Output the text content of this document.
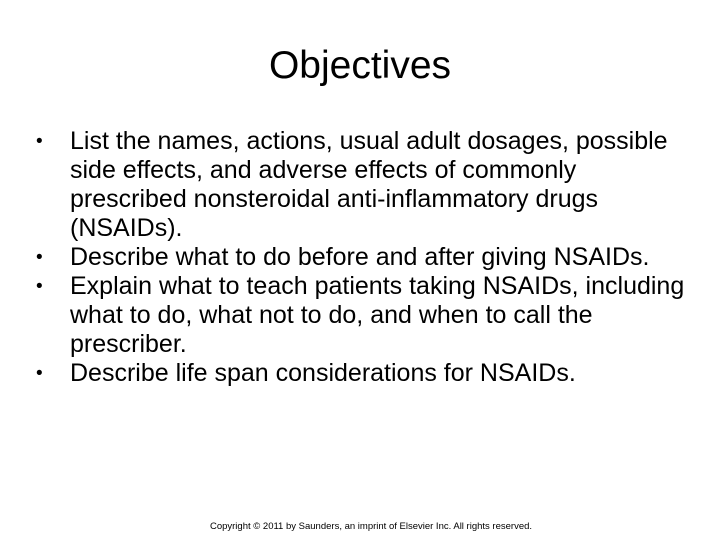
Objectives
• List the names, actions, usual adult dosages, possible side effects, and adverse effects of commonly prescribed nonsteroidal anti-inflammatory drugs (NSAIDs).
• Describe what to do before and after giving NSAIDs.
• Explain what to teach patients taking NSAIDs, including what to do, what not to do, and when to call the prescriber.
• Describe life span considerations for NSAIDs.

Copyright © 2011 by Saunders, an imprint of Elsevier Inc. All rights reserved.
